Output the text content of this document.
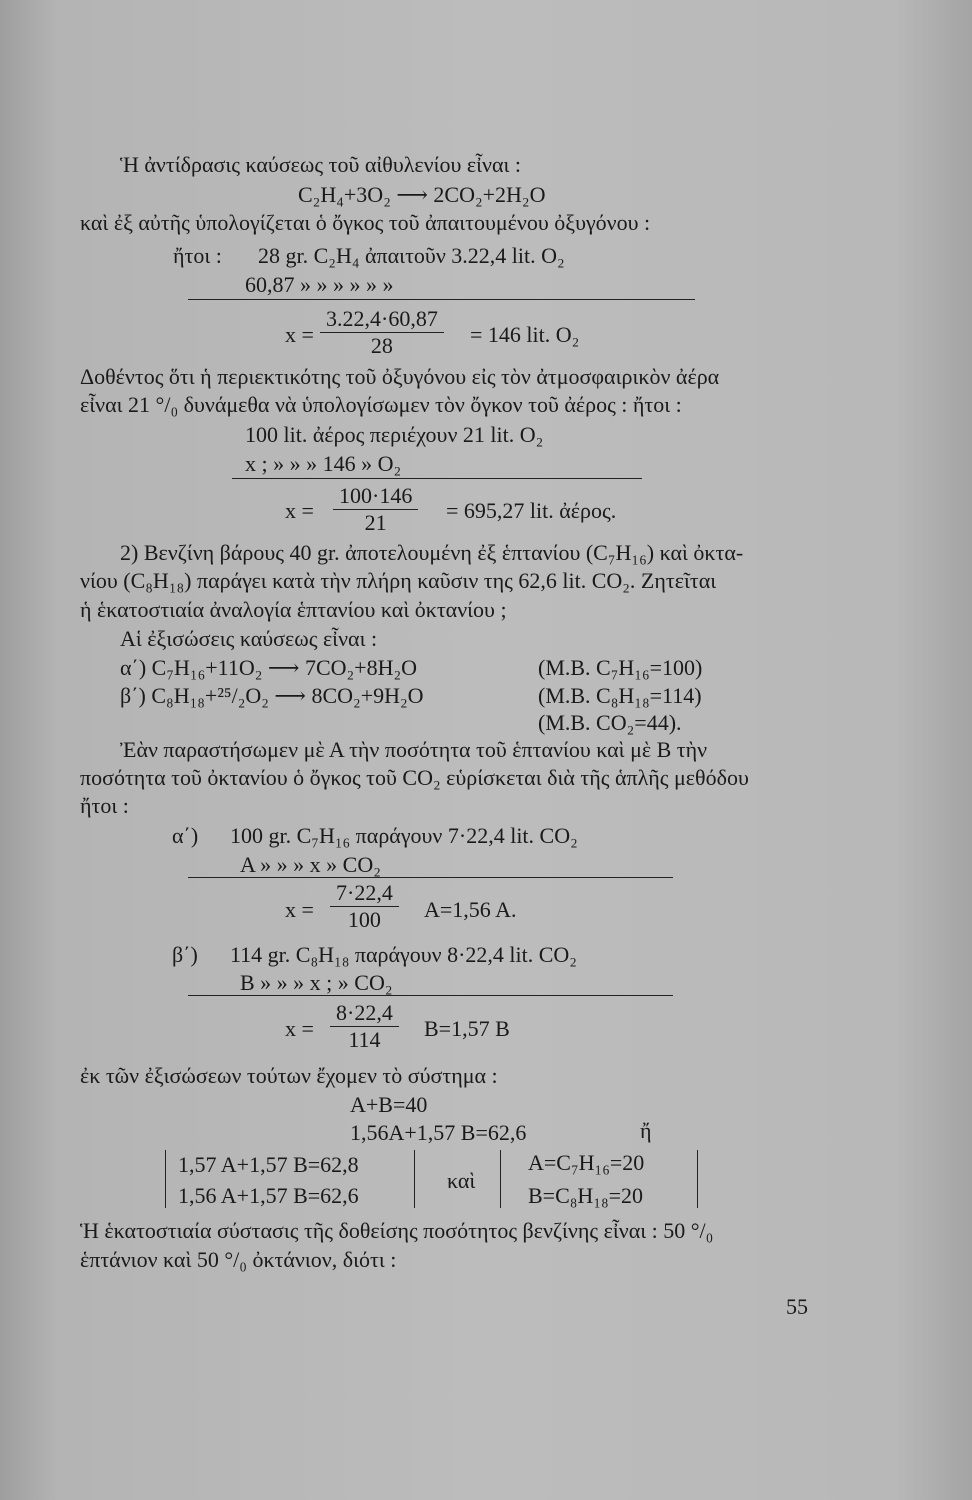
Ἡ ἀντίδρασις καύσεως τοῦ αἰθυλενίου εἶναι :
C₂H₄+3O₂ ⟶ 2CO₂+2H₂O
καὶ ἐξ αὐτῆς ὑπολογίζεται ὁ ὄγκος τοῦ ἀπαιτουμένου ὀξυγόνου :
ἤτοι : 28 gr. C₂H₄ ἀπαιτοῦν 3.22,4 lit. O₂
60,87 » » » » » »
$x = \frac{3.22,4\cdot 60,87}{28} = 146$ lit. O₂
Δοθέντος ὅτι ἡ περιεκτικότης τοῦ ὀξυγόνου εἰς τὸν ἀτμοσφαιρικὸν ἀέρα
εἶναι 21 °/₀ δυνάμεθα νὰ ὑπολογίσωμεν τὸν ὄγκον τοῦ ἀέρος : ἤτοι :
100 lit. ἀέρος περιέχουν 21 lit. O₂
x ; » » » 146 » O₂
$x = \frac{100\cdot 146}{21} = 695,27$ lit. ἀέρος.
2) Βενζίνη βάρους 40 gr. ἀποτελουμένη ἐξ ἑπτανίου (C₇H₁₆) καὶ ὀκτα-
νίου (C₈H₁₈) παράγει κατὰ τὴν πλήρη καῦσιν της 62,6 lit. CO₂. Ζητεῖται
ἡ ἑκατοστιαία ἀναλογία ἑπτανίου καὶ ὀκτανίου ;
Αἱ ἐξισώσεις καύσεως εἶναι :
α΄) C₇H₁₆+11O₂ ⟶ 7CO₂+8H₂O	(Μ.Β. C₇H₁₆=100)
β΄) C₈H₁₈+²⁵/₂O₂ ⟶ 8CO₂+9H₂O	(Μ.Β. C₈H₁₈=114)
(Μ.Β. CO₂=44).
Ἐὰν παραστήσωμεν μὲ Α τὴν ποσότητα τοῦ ἑπτανίου καὶ μὲ Β τὴν
ποσότητα τοῦ ὀκτανίου ὁ ὄγκος τοῦ CO₂ εὑρίσκεται διὰ τῆς ἁπλῆς μεθόδου
ἤτοι :
α΄) 100 gr. C₇H₁₆ παράγουν 7·22,4 lit. CO₂
Α » » » x » CO₂
$x = \frac{7\cdot 22,4}{100} A=1,56$ Α.
β΄) 114 gr. C₈H₁₈ παράγουν 8·22,4 lit. CO₂
Β » » » x ; » CO₂
$x = \frac{8\cdot 22,4}{114} B=1,57$ Β
ἐκ τῶν ἐξισώσεων τούτων ἔχομεν τὸ σύστημα :
Α+Β=40
1,56Α+1,57 Β=62,6	ἤ
1,57 Α+1,57 Β=62,8
1,56 Α+1,57 Β=62,6
καὶ
Α=C₇H₁₆=20
Β=C₈H₁₈=20
Ἡ ἑκατοστιαία σύστασις τῆς δοθείσης ποσότητος βενζίνης εἶναι : 50 °/₀
ἑπτάνιον καὶ 50 °/₀ ὀκτάνιον, διότι :
55
